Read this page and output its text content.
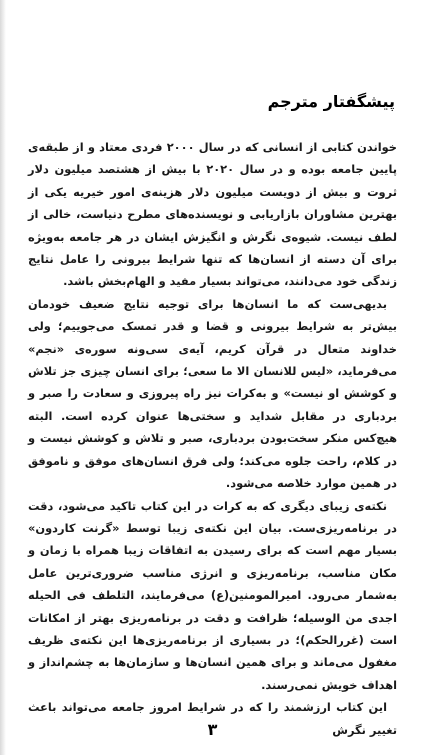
پیشگفتار مترجم

خواندن کتابی از انسانی که در سال ۲۰۰۰ فردی معتاد و از طبقه‌ی پایین جامعه بوده و در سال ۲۰۲۰ با بیش از هشتصد میلیون دلار ثروت و بیش از دویست میلیون دلار هزینه‌ی امور خیریه یکی از بهترین مشاوران بازاریابی و نویسنده‌های مطرح دنیاست، خالی از لطف نیست. شیوه‌ی نگرش و انگیزش ایشان در هر جامعه به‌ویژه برای آن دسته از انسان‌ها که تنها شرایط بیرونی را عامل نتایج زندگی خود می‌دانند، می‌تواند بسیار مفید و الهام‌بخش باشد.

بدیهی‌ست که ما انسان‌ها برای توجیه نتایج ضعیف خودمان بیش‌تر به شرایط بیرونی و قضا و قدر تمسک می‌جوییم؛ ولی خداوند متعال در قرآن کریم، آیه‌ی سی‌ونه سوره‌ی «نجم» می‌فرماید، «لیس للانسان الا ما سعی؛ برای انسان چیزی جز تلاش و کوشش او نیست» و به‌کرات نیز راه پیروزی و سعادت را صبر و بردباری در مقابل شداید و سختی‌ها عنوان کرده است. البته هیچ‌کس منکر سخت‌بودن بردباری، صبر و تلاش و کوشش نیست و در کلام، راحت جلوه می‌کند؛ ولی فرق انسان‌های موفق و ناموفق در همین موارد خلاصه می‌شود.

نکته‌ی زیبای دیگری که به کرات در این کتاب تاکید می‌شود، دقت در برنامه‌ریزی‌ست. بیان این نکته‌ی زیبا توسط «گرنت کاردون» بسیار مهم است که برای رسیدن به اتفاقات زیبا همراه با زمان و مکان مناسب، برنامه‌ریزی و انرژی مناسب ضروری‌ترین عامل به‌شمار می‌رود. امیرالمومنین(ع) می‌فرمایند، التلطف فی الحیله اجدی من الوسیله؛ ظرافت و دقت در برنامه‌ریزی بهتر از امکانات است (غررالحکم)؛ در بسیاری از برنامه‌ریزی‌ها این نکته‌ی ظریف مغفول می‌ماند و برای همین انسان‌ها و سازمان‌ها به چشم‌انداز و اهداف خویش نمی‌رسند.

این کتاب ارزشمند را که در شرایط امروز جامعه می‌تواند باعث تغییر نگرش

۳
